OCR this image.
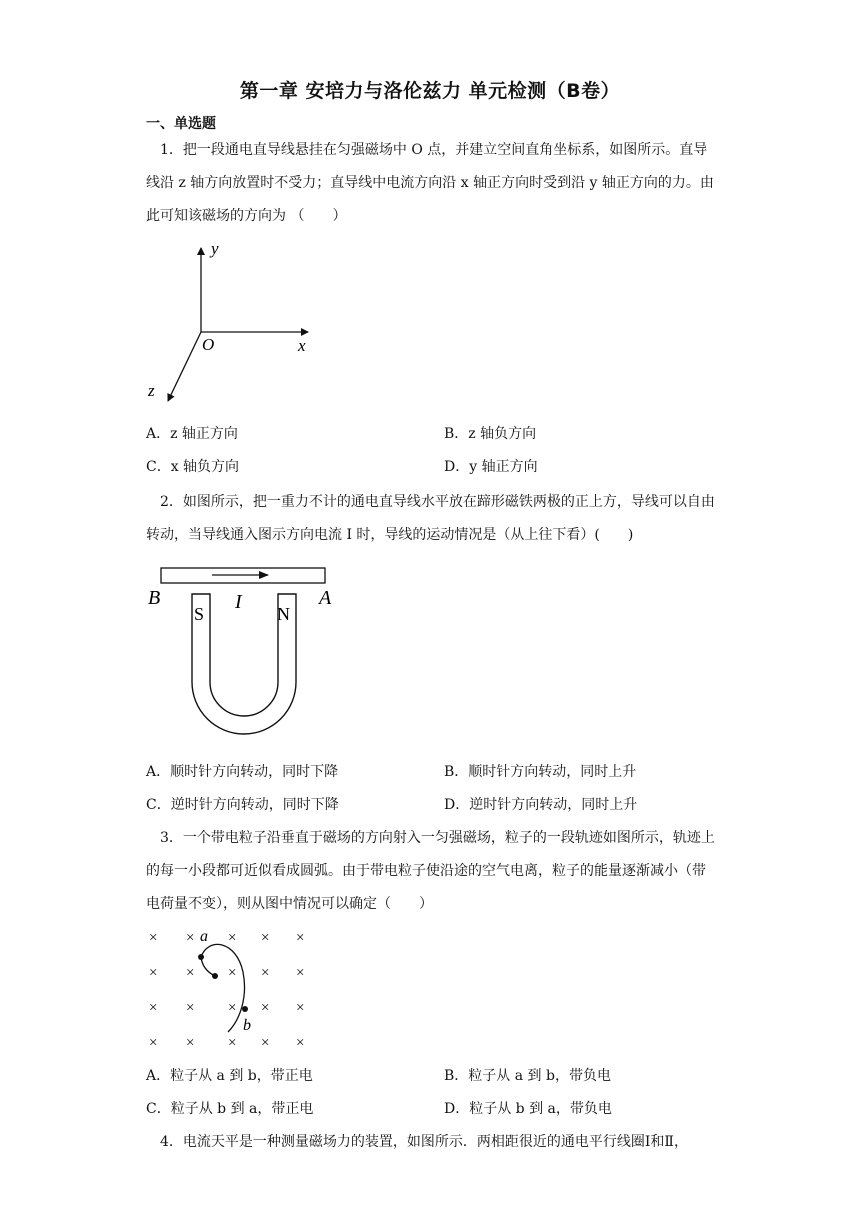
第一章 安培力与洛伦兹力 单元检测（B卷）
一、单选题
1．把一段通电直导线悬挂在匀强磁场中 O 点，并建立空间直角坐标系，如图所示。直导线沿 z 轴方向放置时不受力；直导线中电流方向沿 x 轴正方向时受到沿 y 轴正方向的力。由此可知该磁场的方向为 （　　）
y
O	x
z
A．z 轴正方向	B．z 轴负方向
C．x 轴负方向	D．y 轴正方向
2．如图所示，把一重力不计的通电直导线水平放在蹄形磁铁两极的正上方，导线可以自由转动，当导线通入图示方向电流 I 时，导线的运动情况是（从上往下看）(　　)
B	A
I
S	N
A．顺时针方向转动，同时下降	B．顺时针方向转动，同时上升
C．逆时针方向转动，同时下降	D．逆时针方向转动，同时上升
3．一个带电粒子沿垂直于磁场的方向射入一匀强磁场，粒子的一段轨迹如图所示，轨迹上的每一小段都可近似看成圆弧。由于带电粒子使沿途的空气电离，粒子的能量逐渐减小（带电荷量不变），则从图中情况可以确定（　　）
× × × × ×
× × × × ×
× × × × ×
× × × × ×
a
b
A．粒子从 a 到 b，带正电	B．粒子从 a 到 b，带负电
C．粒子从 b 到 a，带正电	D．粒子从 b 到 a，带负电
4．电流天平是一种测量磁场力的装置，如图所示．两相距很近的通电平行线圈Ⅰ和Ⅱ，
